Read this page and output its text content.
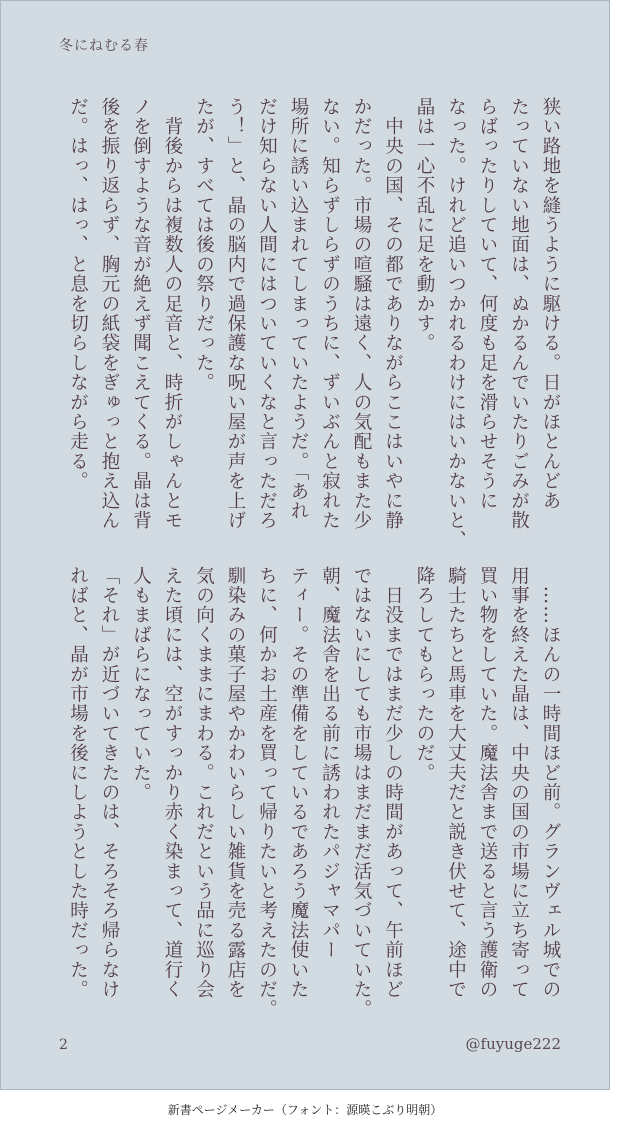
冬にねむる春

狭い路地を縫うように駆ける。日がほとんどあ

たっていない地面は、ぬかるんでいたりごみが散

らばったりしていて、何度も足を滑らせそうに

なった。けれど追いつかれるわけにはいかないと、

晶は一心不乱に足を動かす。

　中央の国、その都でありながらここはいやに静

かだった。市場の喧騒は遠く、人の気配もまた少

ない。知らずしらずのうちに、ずいぶんと寂れた

場所に誘い込まれてしまっていたようだ。「あれ

だけ知らない人間にはついていくなと言っただろ

う！」と、晶の脳内で過保護な呪い屋が声を上げ

たが、すべては後の祭りだった。

　背後からは複数人の足音と、時折がしゃんとモ

ノを倒すような音が絶えず聞こえてくる。晶は背

後を振り返らず、胸元の紙袋をぎゅっと抱え込ん

だ。はっ、はっ、と息を切らしながら走る。

　……ほんの一時間ほど前。グランヴェル城での

用事を終えた晶は、中央の国の市場に立ち寄って

買い物をしていた。魔法舎まで送ると言う護衛の

騎士たちと馬車を大丈夫だと説き伏せて、途中で

降ろしてもらったのだ。

　日没まではまだ少しの時間があって、午前ほど

ではないにしても市場はまだまだ活気づいていた。

朝、魔法舎を出る前に誘われたパジャマパー

ティー。その準備をしているであろう魔法使いた

ちに、何かお土産を買って帰りたいと考えたのだ。

馴染みの菓子屋やかわいらしい雑貨を売る露店を

気の向くままにまわる。これだという品に巡り会

えた頃には、空がすっかり赤く染まって、道行く

人もまばらになっていた。

「それ」が近づいてきたのは、そろそろ帰らなけ

ればと、晶が市場を後にしようとした時だった。

2	@fuyuge222
新書ページメーカー（フォント：源暎こぶり明朝）
